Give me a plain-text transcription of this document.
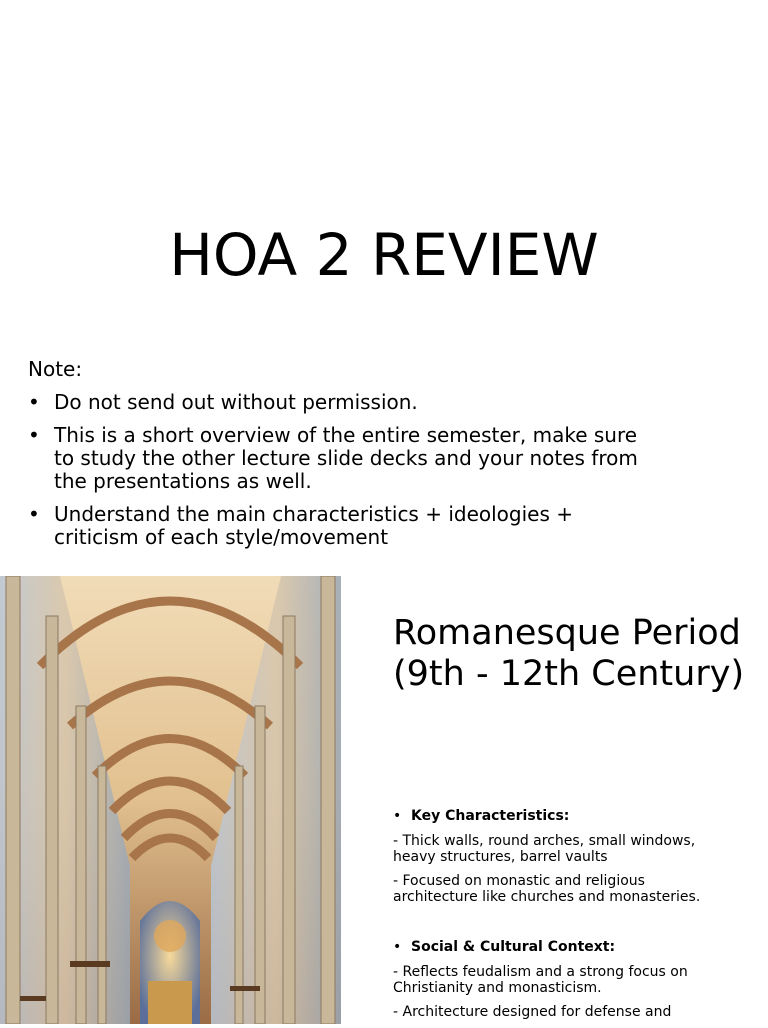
HOA 2 REVIEW

Note:

• Do not send out without permission.
• This is a short overview of the entire semester, make sure to study the other lecture slide decks and your notes from the presentations as well.
• Understand the main characteristics + ideologies + criticism of each style/movement
Romanesque Period (9th - 12th Century)

• Key Characteristics:

- Thick walls, round arches, small windows, heavy structures, barrel vaults

- Focused on monastic and religious architecture like churches and monasteries.

• Social & Cultural Context:

- Reflects feudalism and a strong focus on Christianity and monasticism.

- Architecture designed for defense and
